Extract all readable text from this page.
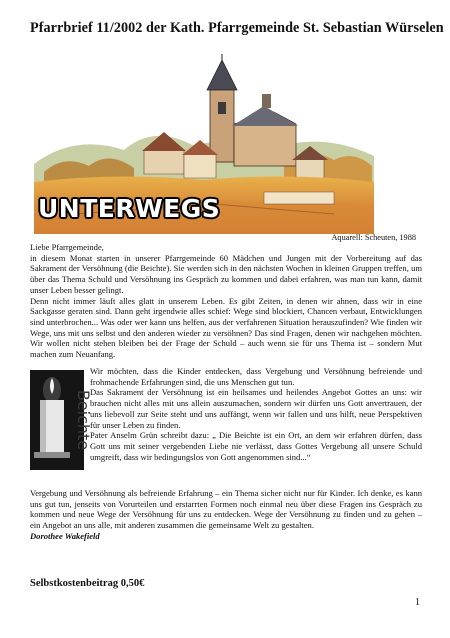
Pfarrbrief 11/2002 der Kath. Pfarrgemeinde St. Sebastian Würselen
UNTERWEGS
Aquarell: Scheuten, 1988

Liebe Pfarrgemeinde,

in diesem Monat starten in unserer Pfarrgemeinde 60 Mädchen und Jungen mit der Vorbereitung auf das Sakrament der Versöhnung (die Beichte). Sie werden sich in den nächsten Wochen in kleinen Gruppen treffen, um über das Thema Schuld und Versöhnung ins Gespräch zu kommen und dabei erfahren, was man tun kann, damit unser Leben besser gelingt.

Denn nicht immer läuft alles glatt in unserem Leben. Es gibt Zeiten, in denen wir ahnen, dass wir in eine Sackgasse geraten sind. Dann geht irgendwie alles schief: Wege sind blockiert, Chancen verbaut, Entwicklungen sind unterbrochen... Was oder wer kann uns helfen, aus der verfahrenen Situation herauszufinden? Wie finden wir Wege, uns mit uns selbst und den anderen wieder zu versöhnen? Das sind Fragen, denen wir nachgehen möchten. Wir wollen nicht stehen bleiben bei der Frage der Schuld – auch wenn sie für uns Thema ist – sondern Mut machen zum Neuanfang.

Beichte

Wir möchten, dass die Kinder entdecken, dass Vergebung und Versöhnung befreiende und frohmachende Erfahrungen sind, die uns Menschen gut tun.

Das Sakrament der Versöhnung ist ein heilsames und heilendes Angebot Gottes an uns: wir brauchen nicht alles mit uns allein auszumachen, sondern wir dürfen uns Gott anvertrauen, der uns liebevoll zur Seite steht und uns auffängt, wenn wir fallen und uns hilft, neue Perspektiven für unser Leben zu finden.

Pater Anselm Grün schreibt dazu: „ Die Beichte ist ein Ort, an dem wir erfahren dürfen, dass Gott uns mit seiner vergebenden Liebe nie verlässt, dass Gottes Vergebung all unsere Schuld umgreift, dass wir bedingungslos von Gott angenommen sind...“

Vergebung und Versöhnung als befreiende Erfahrung – ein Thema sicher nicht nur für Kinder. Ich denke, es kann uns gut tun, jenseits von Vorurteilen und erstarrten Formen noch einmal neu über diese Fragen ins Gespräch zu kommen und neue Wege der Versöhnung für uns zu entdecken. Wege der Versöhnung zu finden und zu gehen – ein Angebot an uns alle, mit anderen zusammen die gemeinsame Welt zu gestalten.

Dorothee Wakefield

Selbstkostenbeitrag 0,50€
1
